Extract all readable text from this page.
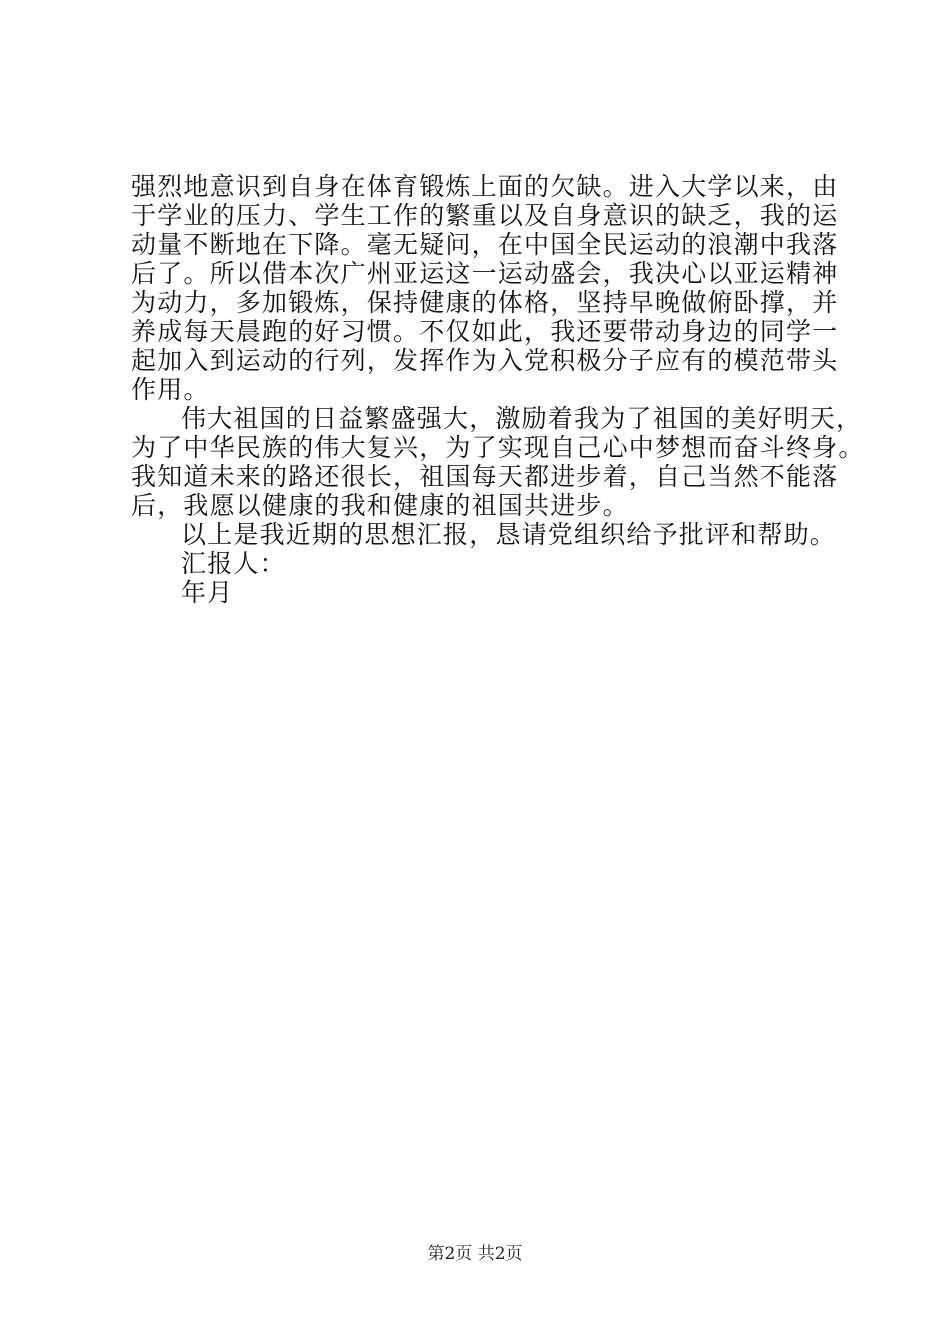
强烈地意识到自身在体育锻炼上面的欠缺。进入大学以来，由
于学业的压力、学生工作的繁重以及自身意识的缺乏，我的运
动量不断地在下降。毫无疑问，在中国全民运动的浪潮中我落
后了。所以借本次广州亚运这一运动盛会，我决心以亚运精神
为动力，多加锻炼，保持健康的体格，坚持早晚做俯卧撑，并
养成每天晨跑的好习惯。不仅如此，我还要带动身边的同学一
起加入到运动的行列，发挥作为入党积极分子应有的模范带头
作用。
伟大祖国的日益繁盛强大，激励着我为了祖国的美好明天，
为了中华民族的伟大复兴，为了实现自己心中梦想而奋斗终身。
我知道未来的路还很长，祖国每天都进步着，自己当然不能落
后，我愿以健康的我和健康的祖国共进步。
以上是我近期的思想汇报，恳请党组织给予批评和帮助。
汇报人：
年月
第2页 共2页
